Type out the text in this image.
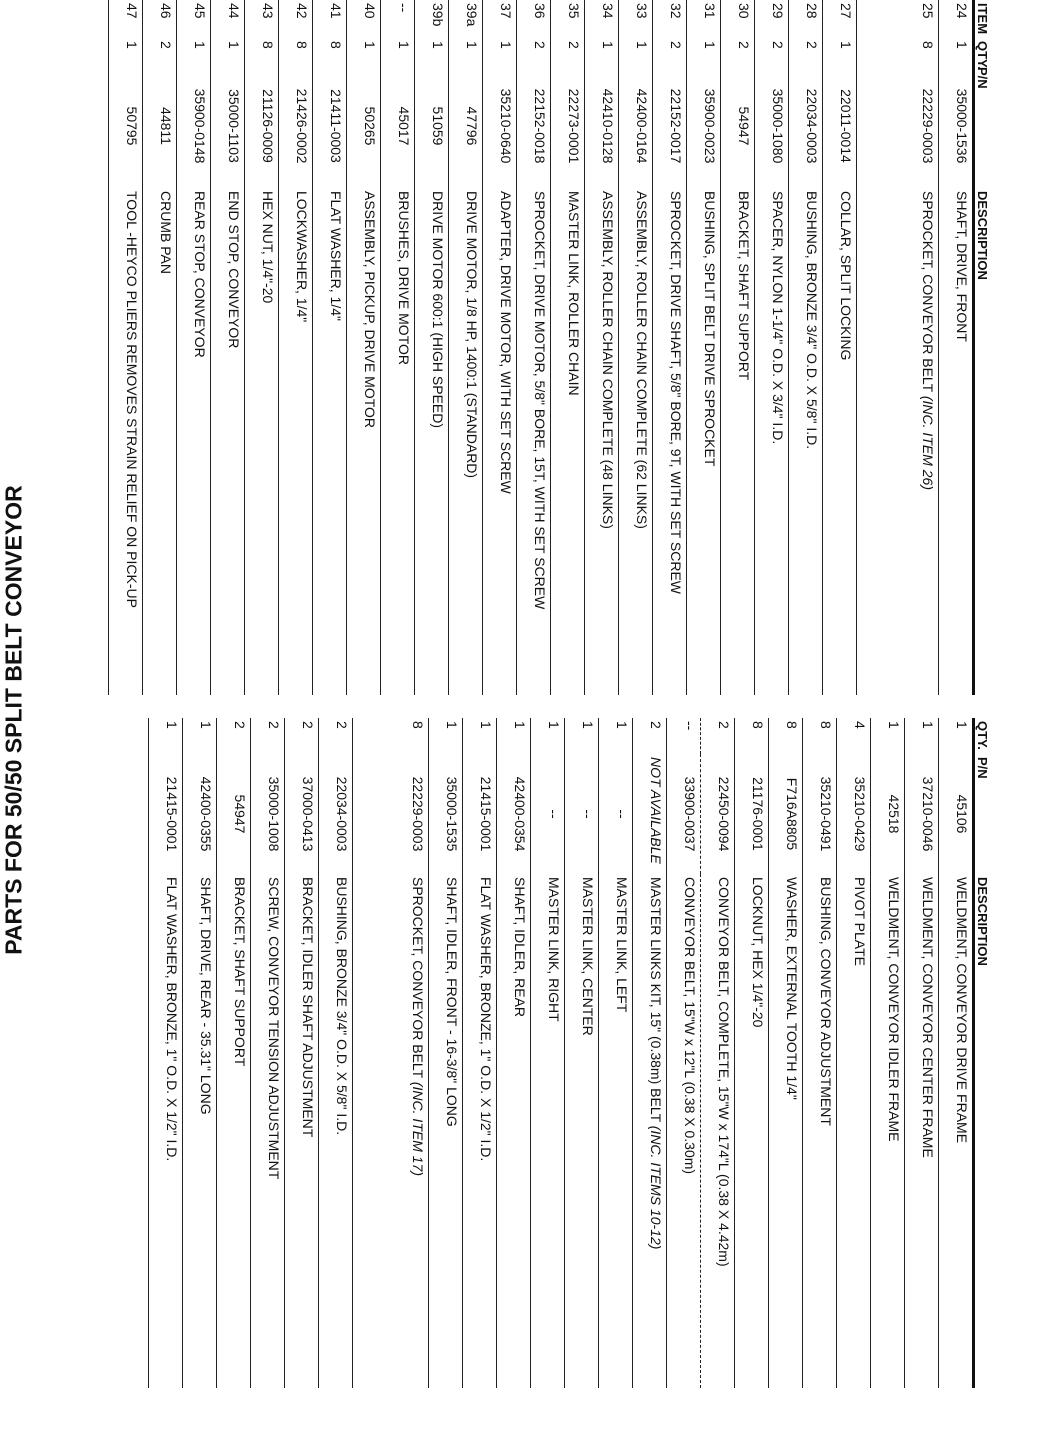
PARTS FOR 50/50 SPLIT BELT CONVEYOR	QTY.	P/N	DESCRIPTION
1	45106	WELDMENT, CONVEYOR DRIVE FRAME
1	37210-0046	WELDMENT, CONVEYOR CENTER FRAME
1	42518	WELDMENT, CONVEYOR IDLER FRAME
4	35210-0429	PIVOT PLATE
8	35210-0491	BUSHING, CONVEYOR ADJUSTMENT
8	F716A8805	WASHER, EXTERNAL TOOTH 1/4"
8	21176-0001	LOCKNUT, HEX 1/4"-20
2	22450-0094	CONVEYOR BELT, COMPLETE, 15"W x 174"L (0.38 X 4.42m)
--	33900-0037	CONVEYOR BELT, 15"W x 12"L (0.38 X 0.30m)
2	NOT AVAILABLE	MASTER LINKS KIT, 15" (0.38m) BELT (INC. ITEMS 10-12)
1	--	MASTER LINK, LEFT
1	--	MASTER LINK, CENTER
1	--	MASTER LINK, RIGHT
1	42400-0354	SHAFT, IDLER, REAR
1	21415-0001	FLAT WASHER, BRONZE, 1" O.D. X 1/2" I.D.
1	35000-1535	SHAFT, IDLER, FRONT - 16-3/8" LONG
8	22229-0003	SPROCKET, CONVEYOR BELT (INC. ITEM 17)
2	22034-0003	BUSHING, BRONZE 3/4" O.D. X 5/8" I.D.
2	37000-0413	BRACKET, IDLER SHAFT ADJUSTMENT
2	35000-1008	SCREW, CONVEYOR TENSION ADJUSTMENT
2	54947	BRACKET, SHAFT SUPPORT
1	42400-0355	SHAFT, DRIVE, REAR - 35.31" LONG
1	21415-0001	FLAT WASHER, BRONZE, 1" O.D. X 1/2" I.D.
ITEM	QTY.	P/N	DESCRIPTION
24	1	35000-1536	SHAFT, DRIVE, FRONT
25	8	22229-0003	SPROCKET, CONVEYOR BELT (INC. ITEM 26)
27	1	22011-0014	COLLAR, SPLIT LOCKING
28	2	22034-0003	BUSHING, BRONZE 3/4" O.D. X 5/8" I.D.
29	2	35000-1080	SPACER, NYLON 1-1/4" O.D. X 3/4" I.D.
30	2	54947	BRACKET, SHAFT SUPPORT
31	1	35900-0023	BUSHING, SPLIT BELT DRIVE SPROCKET
32	2	22152-0017	SPROCKET, DRIVE SHAFT, 5/8" BORE, 9T, WITH SET SCREW
33	1	42400-0164	ASSEMBLY, ROLLER CHAIN COMPLETE (62 LINKS)
34	1	42410-0128	ASSEMBLY, ROLLER CHAIN COMPLETE (48 LINKS)
35	2	22273-0001	MASTER LINK, ROLLER CHAIN
36	2	22152-0018	SPROCKET, DRIVE MOTOR, 5/8" BORE, 15T, WITH SET SCREW
37	1	35210-0640	ADAPTER, DRIVE MOTOR, WITH SET SCREW
39a	1	47796	DRIVE MOTOR, 1/8 HP, 1400:1 (STANDARD)
39b	1	51059	DRIVE MOTOR 600:1 (HIGH SPEED)
--	1	45017	BRUSHES, DRIVE MOTOR
40	1	50265	ASSEMBLY, PICKUP, DRIVE MOTOR
41	8	21411-0003	FLAT WASHER, 1/4"
42	8	21426-0002	LOCKWASHER, 1/4"
43	8	21126-0009	HEX NUT, 1/4"-20
44	1	35000-1103	END STOP, CONVEYOR
45	1	35900-0148	REAR STOP, CONVEYOR
46	2	44811	CRUMB PAN
47	1	50795	TOOL -HEYCO PLIERS REMOVES STRAIN RELIEF ON PICK-UP
